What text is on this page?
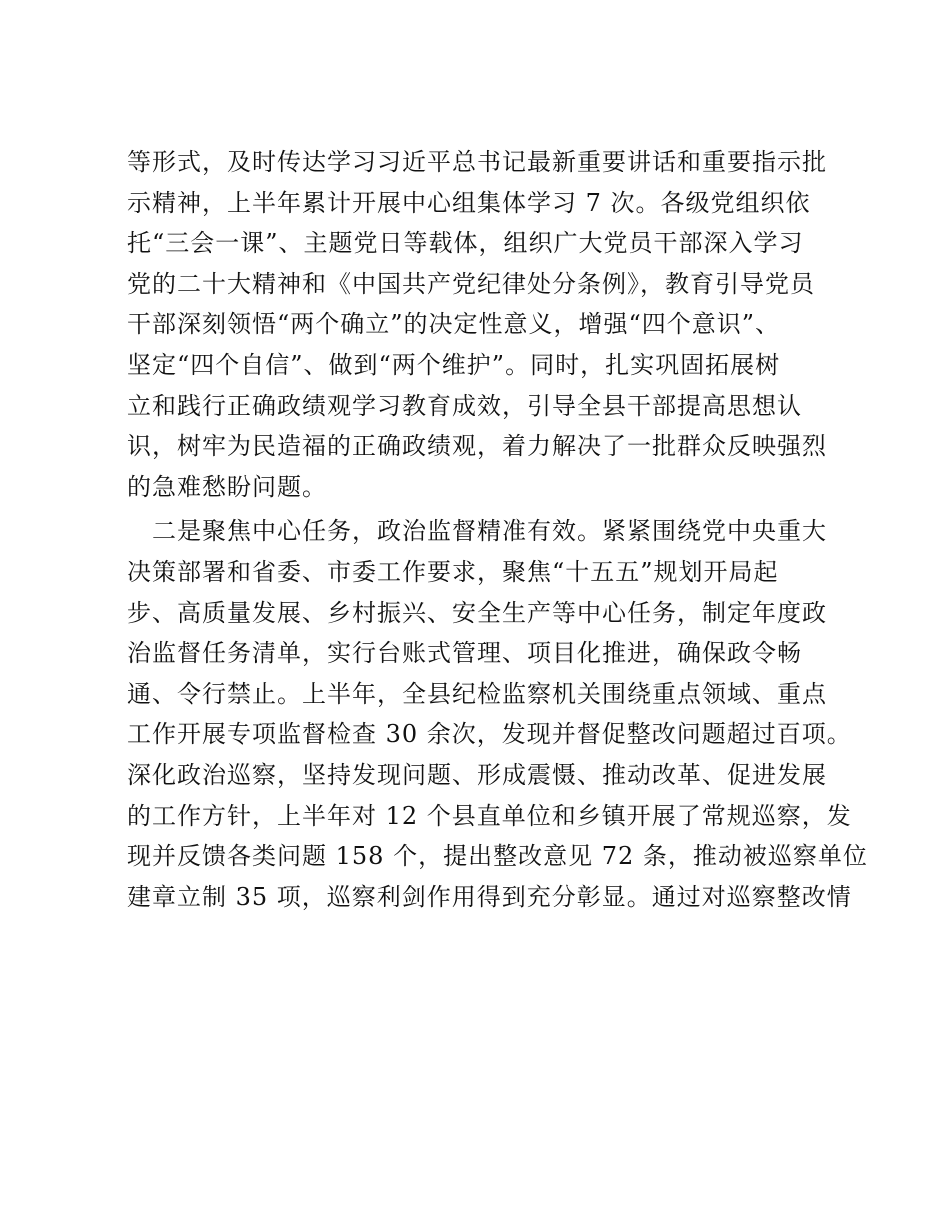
等形式，及时传达学习习近平总书记最新重要讲话和重要指示批
示精神，上半年累计开展中心组集体学习 7 次。各级党组织依
托“三会一课”、主题党日等载体，组织广大党员干部深入学习
党的二十大精神和《中国共产党纪律处分条例》，教育引导党员
干部深刻领悟“两个确立”的决定性意义，增强“四个意识”、
坚定“四个自信”、做到“两个维护”。同时，扎实巩固拓展树
立和践行正确政绩观学习教育成效，引导全县干部提高思想认
识，树牢为民造福的正确政绩观，着力解决了一批群众反映强烈
的急难愁盼问题。
　二是聚焦中心任务，政治监督精准有效。紧紧围绕党中央重大
决策部署和省委、市委工作要求，聚焦“十五五”规划开局起
步、高质量发展、乡村振兴、安全生产等中心任务，制定年度政
治监督任务清单，实行台账式管理、项目化推进，确保政令畅
通、令行禁止。上半年，全县纪检监察机关围绕重点领域、重点
工作开展专项监督检查 30 余次，发现并督促整改问题超过百项。
深化政治巡察，坚持发现问题、形成震慑、推动改革、促进发展
的工作方针，上半年对 12 个县直单位和乡镇开展了常规巡察，发
现并反馈各类问题 158 个，提出整改意见 72 条，推动被巡察单位
建章立制 35 项，巡察利剑作用得到充分彰显。通过对巡察整改情
